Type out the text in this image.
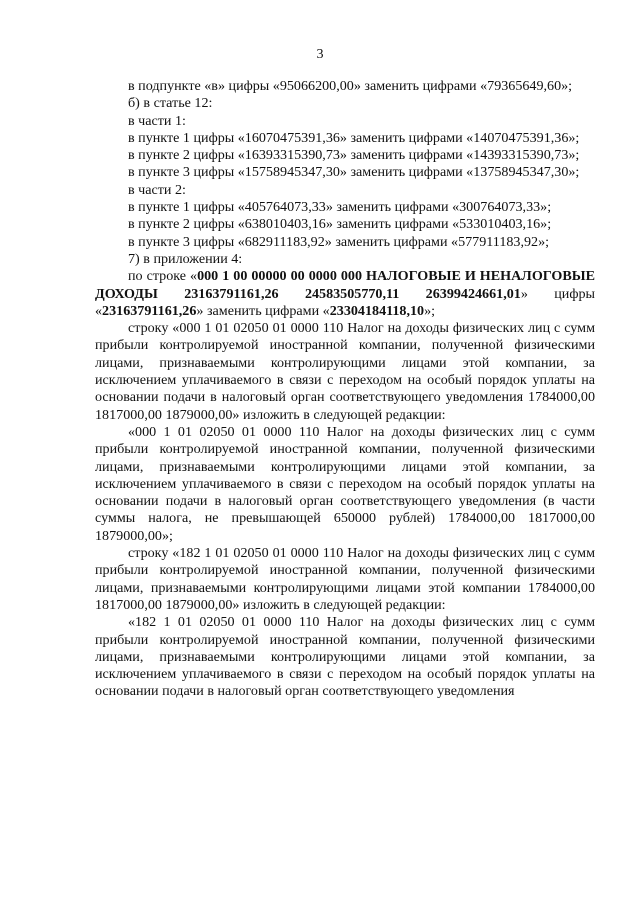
3

в подпункте «в» цифры «95066200,00» заменить цифрами «79365649,60»;

б) в статье 12:

в части 1:

в пункте 1 цифры «16070475391,36» заменить цифрами «14070475391,36»;

в пункте 2 цифры «16393315390,73» заменить цифрами «14393315390,73»;

в пункте 3 цифры «15758945347,30» заменить цифрами «13758945347,30»;

в части 2:

в пункте 1 цифры «405764073,33» заменить цифрами «300764073,33»;

в пункте 2 цифры «638010403,16» заменить цифрами «533010403,16»;

в пункте 3 цифры «682911183,92» заменить цифрами «577911183,92»;

7) в приложении 4:

по строке «000 1 00 00000 00 0000 000 НАЛОГОВЫЕ И НЕНАЛОГОВЫЕ ДОХОДЫ 23163791161,26 24583505770,11 26399424661,01» цифры «23163791161,26» заменить цифрами «23304184118,10»;

строку «000 1 01 02050 01 0000 110 Налог на доходы физических лиц с сумм прибыли контролируемой иностранной компании, полученной физическими лицами, признаваемыми контролирующими лицами этой компании, за исключением уплачиваемого в связи с переходом на особый порядок уплаты на основании подачи в налоговый орган соответствующего уведомления 1784000,00 1817000,00 1879000,00» изложить в следующей редакции:

«000 1 01 02050 01 0000 110 Налог на доходы физических лиц с сумм прибыли контролируемой иностранной компании, полученной физическими лицами, признаваемыми контролирующими лицами этой компании, за исключением уплачиваемого в связи с переходом на особый порядок уплаты на основании подачи в налоговый орган соответствующего уведомления (в части суммы налога, не превышающей 650000 рублей) 1784000,00 1817000,00 1879000,00»;

строку «182 1 01 02050 01 0000 110 Налог на доходы физических лиц с сумм прибыли контролируемой иностранной компании, полученной физическими лицами, признаваемыми контролирующими лицами этой компании 1784000,00 1817000,00 1879000,00» изложить в следующей редакции:

«182 1 01 02050 01 0000 110 Налог на доходы физических лиц с сумм прибыли контролируемой иностранной компании, полученной физическими лицами, признаваемыми контролирующими лицами этой компании, за исключением уплачиваемого в связи с переходом на особый порядок уплаты на основании подачи в налоговый орган соответствующего уведомления
